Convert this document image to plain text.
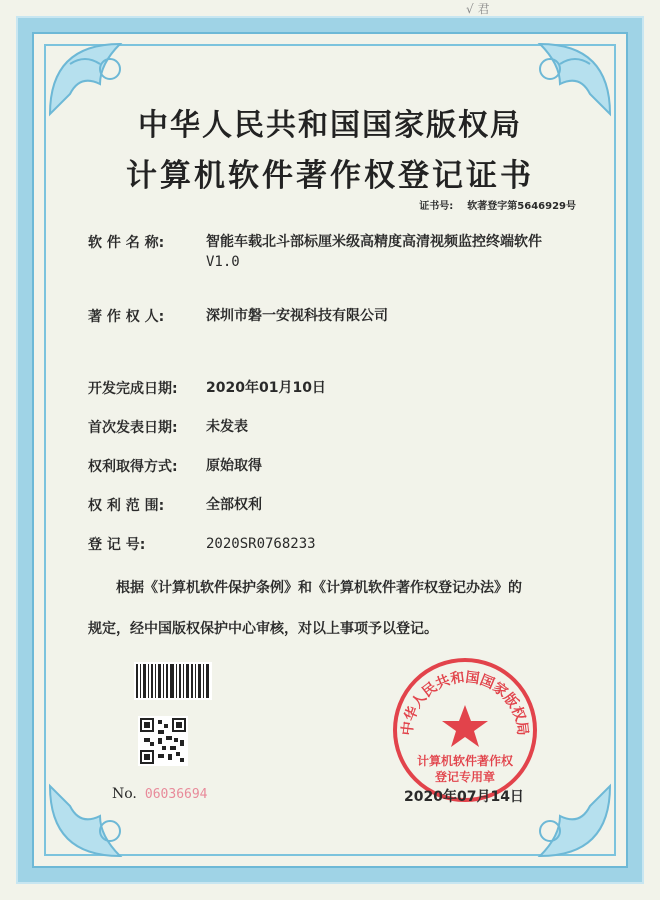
√ 君
中华人民共和国国家版权局
计算机软件著作权登记证书
证书号: 软著登字第5646929号
软 件 名 称:	智能车载北斗部标厘米级高精度高清视频监控终端软件
V1.0
著 作 权 人:	深圳市磐一安视科技有限公司
开发完成日期: 2020年01月10日
首次发表日期: 未发表
权利取得方式: 原始取得
权 利 范 围:	全部权利
登 记 号:	2020SR0768233
根据《计算机软件保护条例》和《计算机软件著作权登记办法》的
规定，经中国版权保护中心审核，对以上事项予以登记。
No. 06036694
中华人民共和国国家版权局
计算机软件著作权
登记专用章
2020年07月14日
